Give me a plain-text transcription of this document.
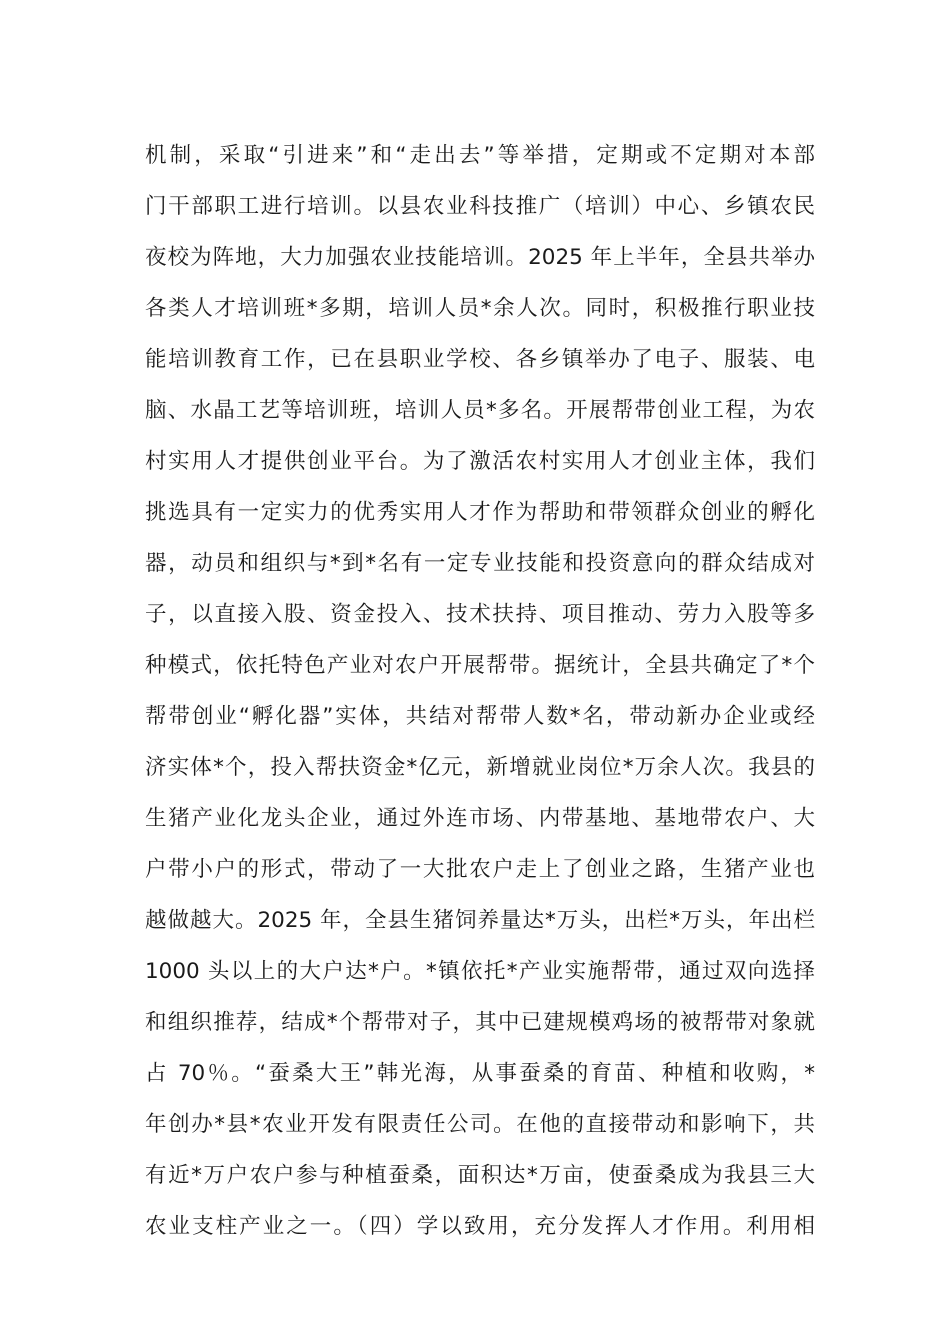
机制，采取“引进来”和“走出去”等举措，定期或不定期对本部
门干部职工进行培训。以县农业科技推广（培训）中心、乡镇农民
夜校为阵地，大力加强农业技能培训。2025 年上半年，全县共举办
各类人才培训班*多期，培训人员*余人次。同时，积极推行职业技
能培训教育工作，已在县职业学校、各乡镇举办了电子、服装、电
脑、水晶工艺等培训班，培训人员*多名。开展帮带创业工程，为农
村实用人才提供创业平台。为了激活农村实用人才创业主体，我们
挑选具有一定实力的优秀实用人才作为帮助和带领群众创业的孵化
器，动员和组织与*到*名有一定专业技能和投资意向的群众结成对
子，以直接入股、资金投入、技术扶持、项目推动、劳力入股等多
种模式，依托特色产业对农户开展帮带。据统计，全县共确定了*个
帮带创业“孵化器”实体，共结对帮带人数*名，带动新办企业或经
济实体*个，投入帮扶资金*亿元，新增就业岗位*万余人次。我县的
生猪产业化龙头企业，通过外连市场、内带基地、基地带农户、大
户带小户的形式，带动了一大批农户走上了创业之路，生猪产业也
越做越大。2025 年，全县生猪饲养量达*万头，出栏*万头，年出栏
1000 头以上的大户达*户。*镇依托*产业实施帮带，通过双向选择
和组织推荐，结成*个帮带对子，其中已建规模鸡场的被帮带对象就
占 70％。“蚕桑大王”韩光海，从事蚕桑的育苗、种植和收购，*
年创办*县*农业开发有限责任公司。在他的直接带动和影响下，共
有近*万户农户参与种植蚕桑，面积达*万亩，使蚕桑成为我县三大
农业支柱产业之一。（四）学以致用，充分发挥人才作用。利用相
